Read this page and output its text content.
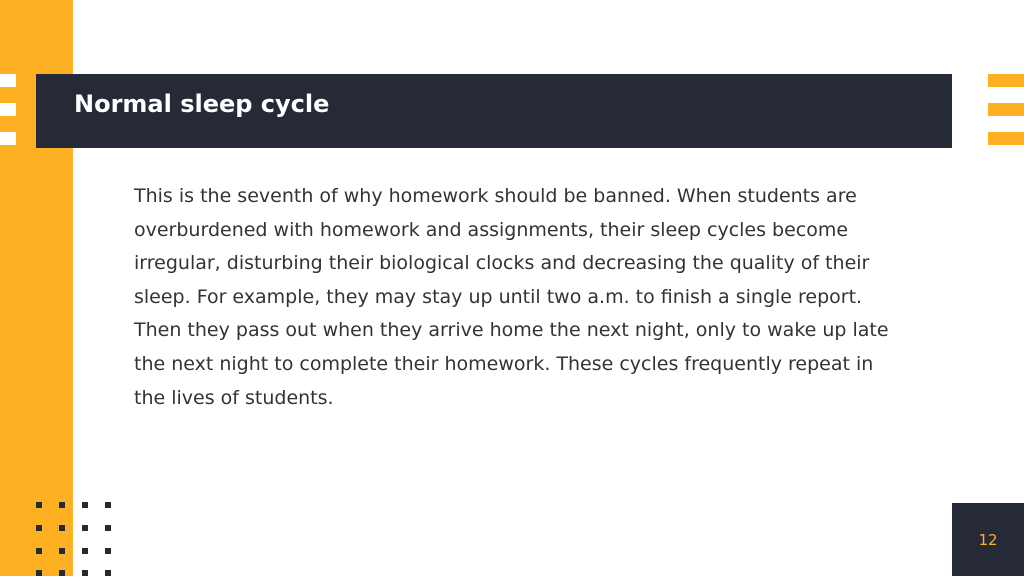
Normal sleep cycle
This is the seventh of why homework should be banned. When students are overburdened with homework and assignments, their sleep cycles become irregular, disturbing their biological clocks and decreasing the quality of their sleep. For example, they may stay up until two a.m. to finish a single report. Then they pass out when they arrive home the next night, only to wake up late the next night to complete their homework. These cycles frequently repeat in the lives of students.
12
